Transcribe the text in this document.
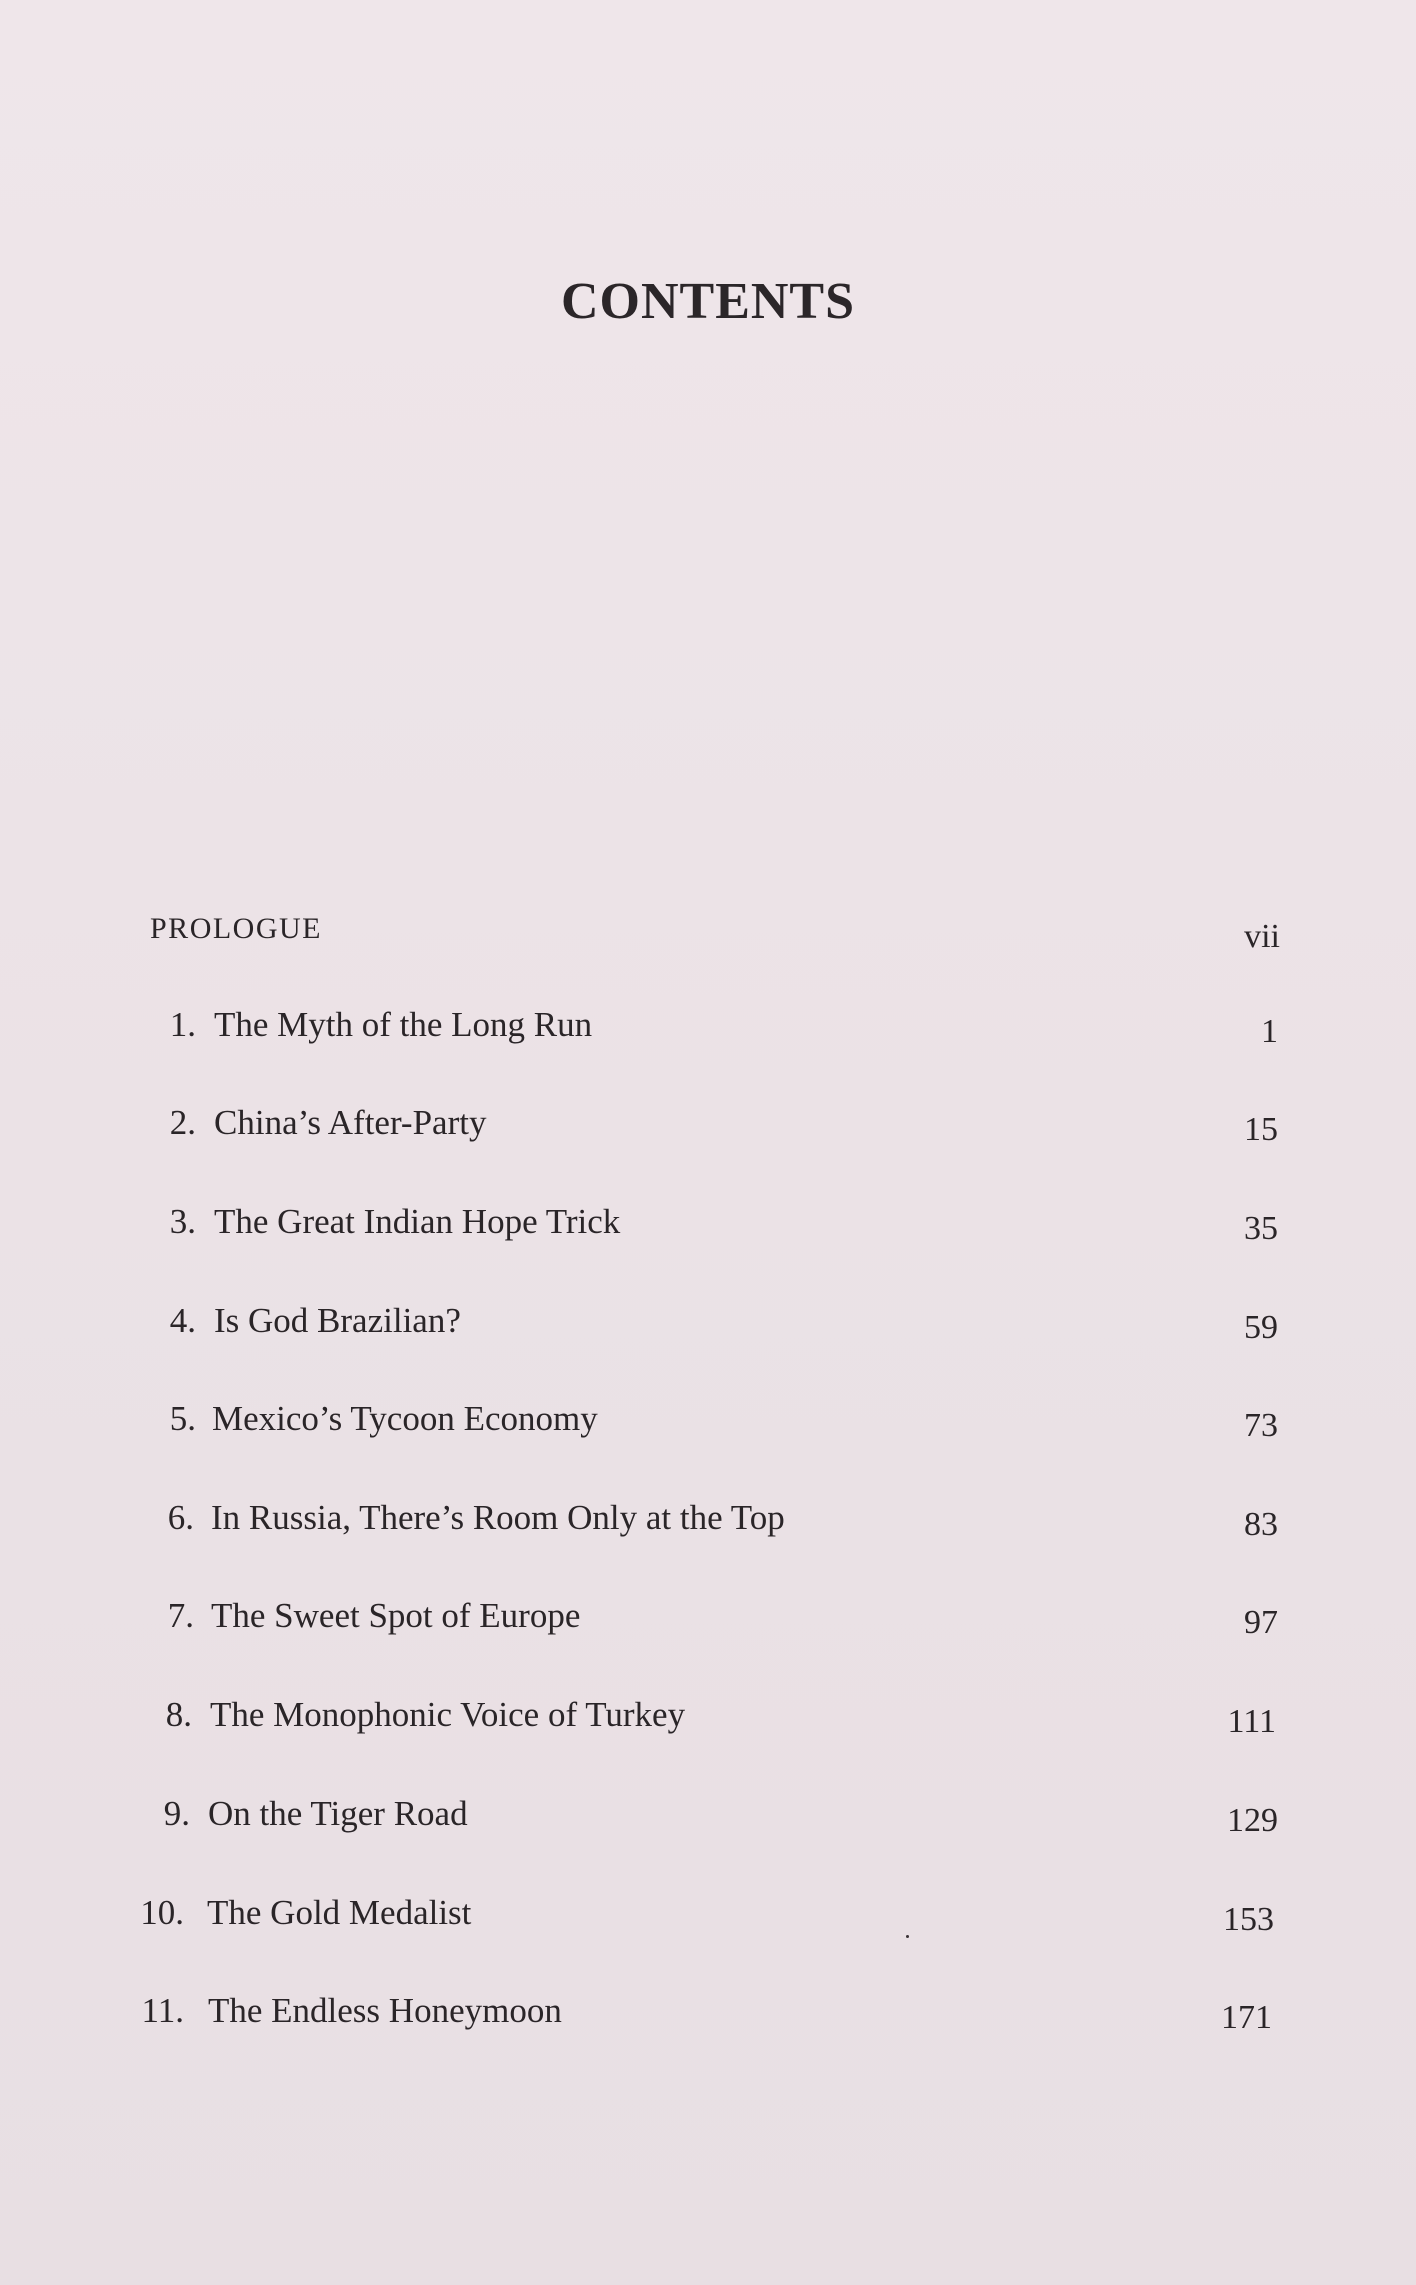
CONTENTS
PROLOGUE	vii
1. The Myth of the Long Run	1
2. China’s After-Party	15
3. The Great Indian Hope Trick	35
4. Is God Brazilian?	59
5. Mexico’s Tycoon Economy	73
6. In Russia, There’s Room Only at the Top	83
7. The Sweet Spot of Europe	97
8. The Monophonic Voice of Turkey	111
9. On the Tiger Road	129
10. The Gold Medalist	153
11. The Endless Honeymoon	171
